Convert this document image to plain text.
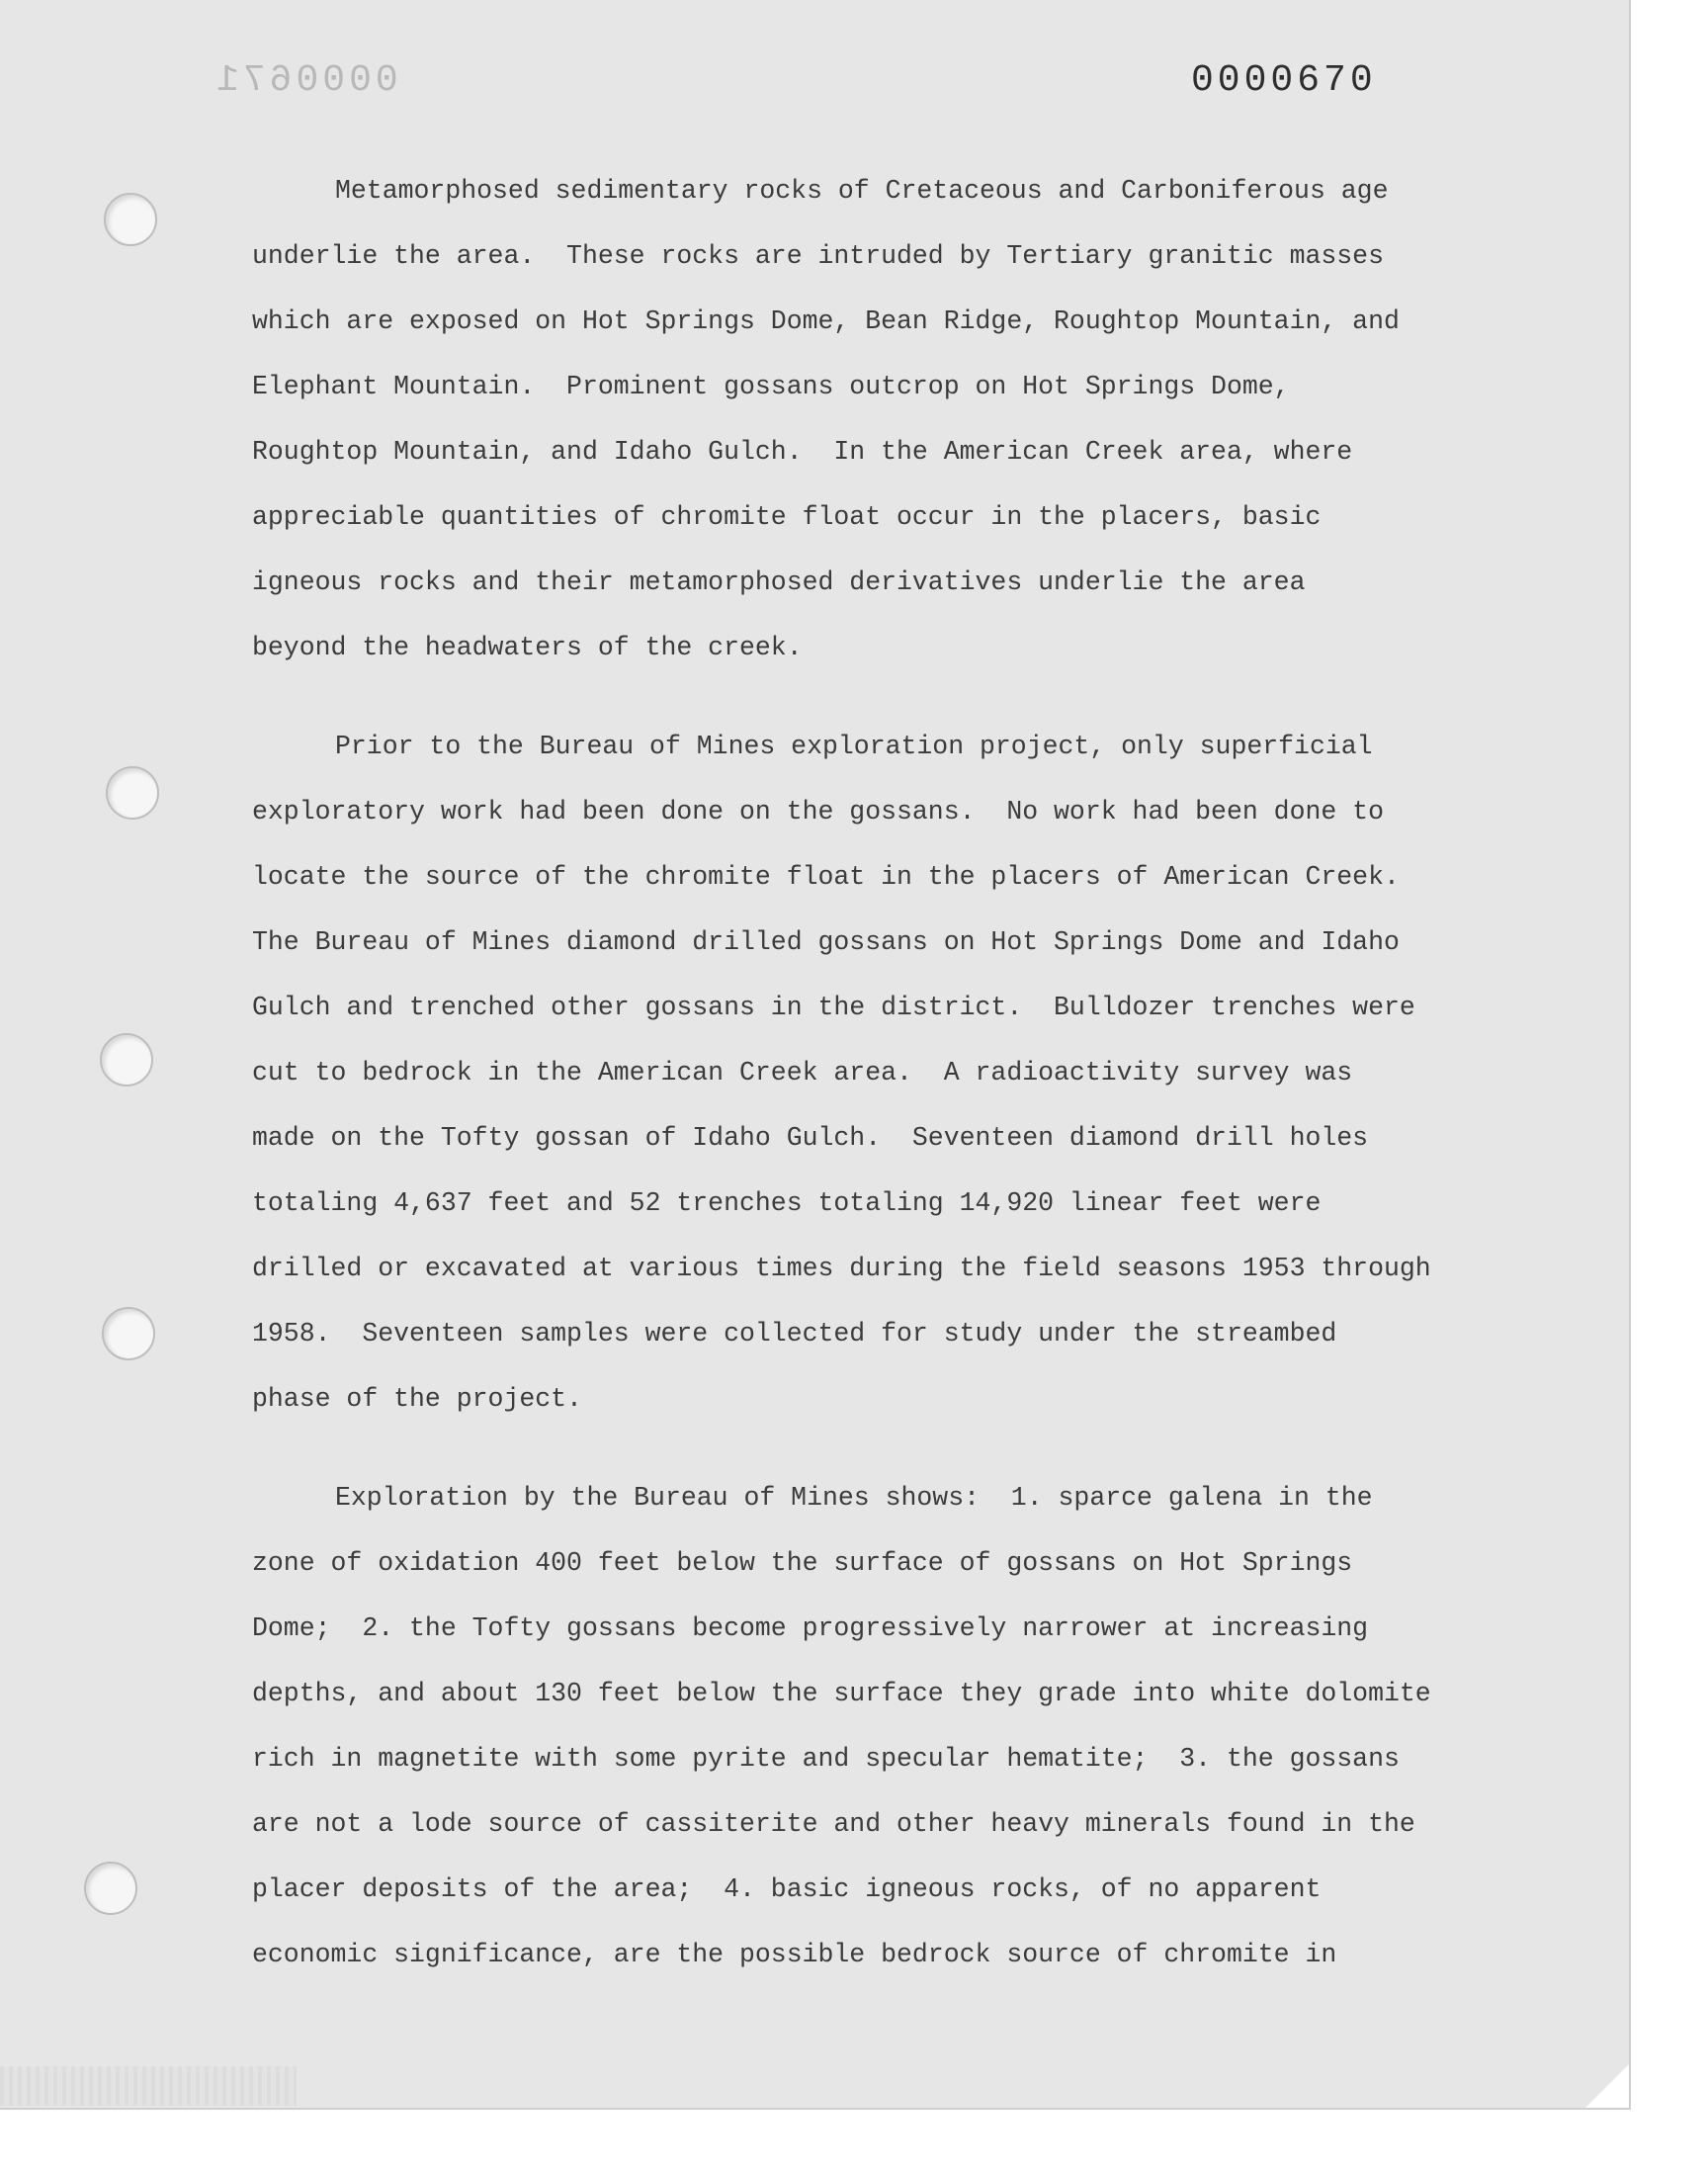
0000671	0000670
Metamorphosed sedimentary rocks of Cretaceous and Carboniferous age
underlie the area.  These rocks are intruded by Tertiary granitic masses
which are exposed on Hot Springs Dome, Bean Ridge, Roughtop Mountain, and
Elephant Mountain.  Prominent gossans outcrop on Hot Springs Dome,
Roughtop Mountain, and Idaho Gulch.  In the American Creek area, where
appreciable quantities of chromite float occur in the placers, basic
igneous rocks and their metamorphosed derivatives underlie the area
beyond the headwaters of the creek.
Prior to the Bureau of Mines exploration project, only superficial
exploratory work had been done on the gossans.  No work had been done to
locate the source of the chromite float in the placers of American Creek.
The Bureau of Mines diamond drilled gossans on Hot Springs Dome and Idaho
Gulch and trenched other gossans in the district.  Bulldozer trenches were
cut to bedrock in the American Creek area.  A radioactivity survey was
made on the Tofty gossan of Idaho Gulch.  Seventeen diamond drill holes
totaling 4,637 feet and 52 trenches totaling 14,920 linear feet were
drilled or excavated at various times during the field seasons 1953 through
1958.  Seventeen samples were collected for study under the streambed
phase of the project.
Exploration by the Bureau of Mines shows:  1. sparce galena in the
zone of oxidation 400 feet below the surface of gossans on Hot Springs
Dome;  2. the Tofty gossans become progressively narrower at increasing
depths, and about 130 feet below the surface they grade into white dolomite
rich in magnetite with some pyrite and specular hematite;  3. the gossans
are not a lode source of cassiterite and other heavy minerals found in the
placer deposits of the area;  4. basic igneous rocks, of no apparent
economic significance, are the possible bedrock source of chromite in
